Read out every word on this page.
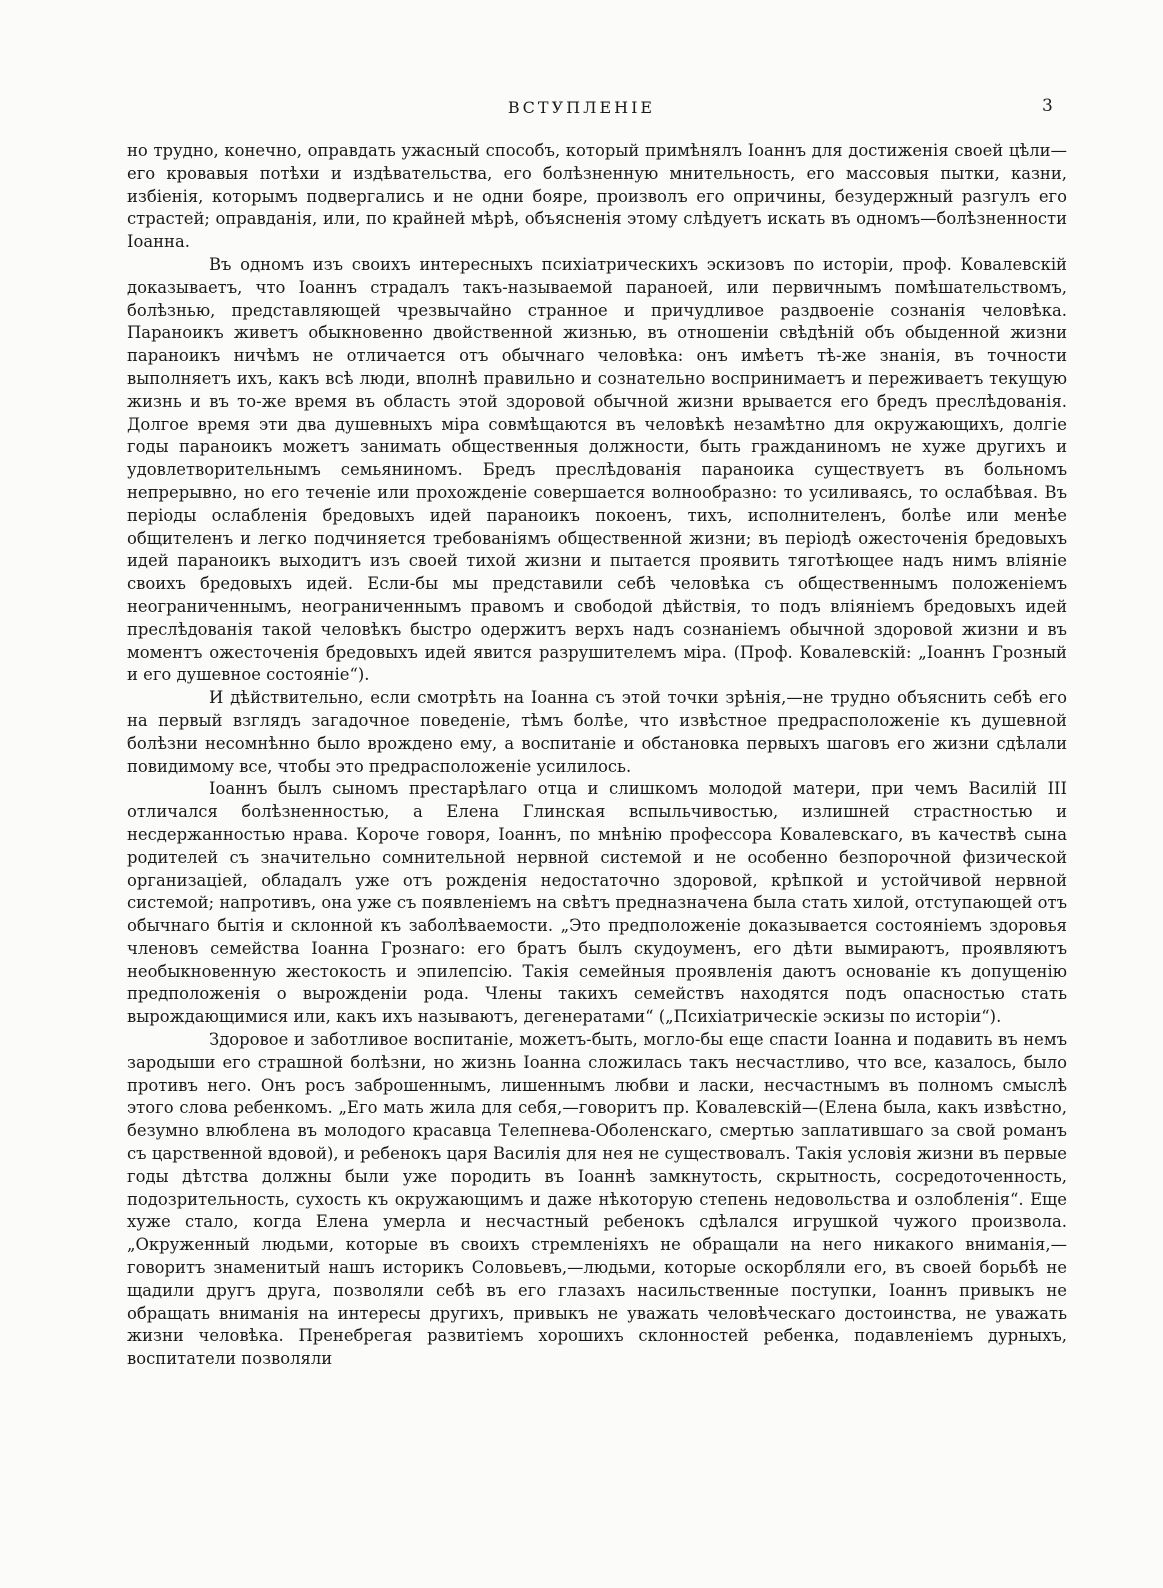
ВСТУПЛЕНIЕ	3

но трудно, конечно, оправдать ужасный способъ, который примѣнялъ Іоаннъ для достиженія своей цѣли—его кровавыя потѣхи и издѣвательства, его болѣзненную мнительность, его массовыя пытки, казни, избіенія, которымъ подвергались и не одни бояре, произволъ его опричины, безудержный разгулъ его страстей; оправданія, или, по крайней мѣрѣ, объясненія этому слѣдуетъ искать въ одномъ—болѣзненности Іоанна.

Въ одномъ изъ своихъ интересныхъ психіатрическихъ эскизовъ по исторіи, проф. Ковалевскій доказываетъ, что Іоаннъ страдалъ такъ-называемой параноей, или первичнымъ помѣшательствомъ, болѣзнью, представляющей чрезвычайно странное и причудливое раздвоеніе сознанія человѣка. Параноикъ живетъ обыкновенно двойственной жизнью, въ отношеніи свѣдѣній объ обыденной жизни параноикъ ничѣмъ не отличается отъ обычнаго человѣка: онъ имѣетъ тѣ-же знанія, въ точности выполняетъ ихъ, какъ всѣ люди, вполнѣ правильно и сознательно воспринимаетъ и переживаетъ текущую жизнь и въ то-же время въ область этой здоровой обычной жизни врывается его бредъ преслѣдованія. Долгое время эти два душевныхъ міра совмѣщаются въ человѣкѣ незамѣтно для окружающихъ, долгіе годы параноикъ можетъ занимать общественныя должности, быть гражданиномъ не хуже другихъ и удовлетворительнымъ семьяниномъ. Бредъ преслѣдованія параноика существуетъ въ больномъ непрерывно, но его теченіе или прохожденіе совершается волнообразно: то усиливаясь, то ослабѣвая. Въ періоды ослабленія бредовыхъ идей параноикъ покоенъ, тихъ, исполнителенъ, болѣе или менѣе общителенъ и легко подчиняется требованіямъ общественной жизни; въ періодѣ ожесточенія бредовыхъ идей параноикъ выходитъ изъ своей тихой жизни и пытается проявить тяготѣющее надъ нимъ вліяніе своихъ бредовыхъ идей. Если-бы мы представили себѣ человѣка съ общественнымъ положеніемъ неограниченнымъ, неограниченнымъ правомъ и свободой дѣйствія, то подъ вліяніемъ бредовыхъ идей преслѣдованія такой человѣкъ быстро одержитъ верхъ надъ сознаніемъ обычной здоровой жизни и въ моментъ ожесточенія бредовыхъ идей явится разрушителемъ міра. (Проф. Ковалевскій: „Іоаннъ Грозный и его душевное состояніе“).

И дѣйствительно, если смотрѣть на Іоанна съ этой точки зрѣнія,—не трудно объяснить себѣ его на первый взглядъ загадочное поведеніе, тѣмъ болѣе, что извѣстное предрасположеніе къ душевной болѣзни несомнѣнно было врождено ему, а воспитаніе и обстановка первыхъ шаговъ его жизни сдѣлали повидимому все, чтобы это предрасположеніе усилилось.

Іоаннъ былъ сыномъ престарѣлаго отца и слишкомъ молодой матери, при чемъ Василій III отличался болѣзненностью, а Елена Глинская вспыльчивостью, излишней страстностью и несдержанностью нрава. Короче говоря, Іоаннъ, по мнѣнію профессора Ковалевскаго, въ качествѣ сына родителей съ значительно сомнительной нервной системой и не особенно безпорочной физической организаціей, обладалъ уже отъ рожденія недостаточно здоровой, крѣпкой и устойчивой нервной системой; напротивъ, она уже съ появленіемъ на свѣтъ предназначена была стать хилой, отступающей отъ обычнаго бытія и склонной къ заболѣваемости. „Это предположеніе доказывается состояніемъ здоровья членовъ семейства Іоанна Грознаго: его братъ былъ скудоуменъ, его дѣти вымираютъ, проявляютъ необыкновенную жестокость и эпилепсію. Такія семейныя проявленія даютъ основаніе къ допущенію предположенія о вырожденіи рода. Члены такихъ семействъ находятся подъ опасностью стать вырождающимися или, какъ ихъ называютъ, дегенератами“ („Психіатрическіе эскизы по исторіи“).

Здоровое и заботливое воспитаніе, можетъ-быть, могло-бы еще спасти Іоанна и подавить въ немъ зародыши его страшной болѣзни, но жизнь Іоанна сложилась такъ несчастливо, что все, казалось, было противъ него. Онъ росъ заброшеннымъ, лишеннымъ любви и ласки, несчастнымъ въ полномъ смыслѣ этого слова ребенкомъ. „Его мать жила для себя,—говоритъ пр. Ковалевскій—(Елена была, какъ извѣстно, безумно влюблена въ молодого красавца Телепнева-Оболенскаго, смертью заплатившаго за свой романъ съ царственной вдовой), и ребенокъ царя Василія для нея не существовалъ. Такія условія жизни въ первые годы дѣтства должны были уже породить въ Іоаннѣ замкнутость, скрытность, сосредоточенность, подозрительность, сухость къ окружающимъ и даже нѣкоторую степень недовольства и озлобленія“. Еще хуже стало, когда Елена умерла и несчастный ребенокъ сдѣлался игрушкой чужого произвола. „Окруженный людьми, которые въ своихъ стремленіяхъ не обращали на него никакого вниманія,—говоритъ знаменитый нашъ историкъ Соловьевъ,—людьми, которые оскорбляли его, въ своей борьбѣ не щадили другъ друга, позволяли себѣ въ его глазахъ насильственные поступки, Іоаннъ привыкъ не обращать вниманія на интересы другихъ, привыкъ не уважать человѣческаго достоинства, не уважать жизни человѣка. Пренебрегая развитіемъ хорошихъ склонностей ребенка, подавленіемъ дурныхъ, воспитатели позволяли
